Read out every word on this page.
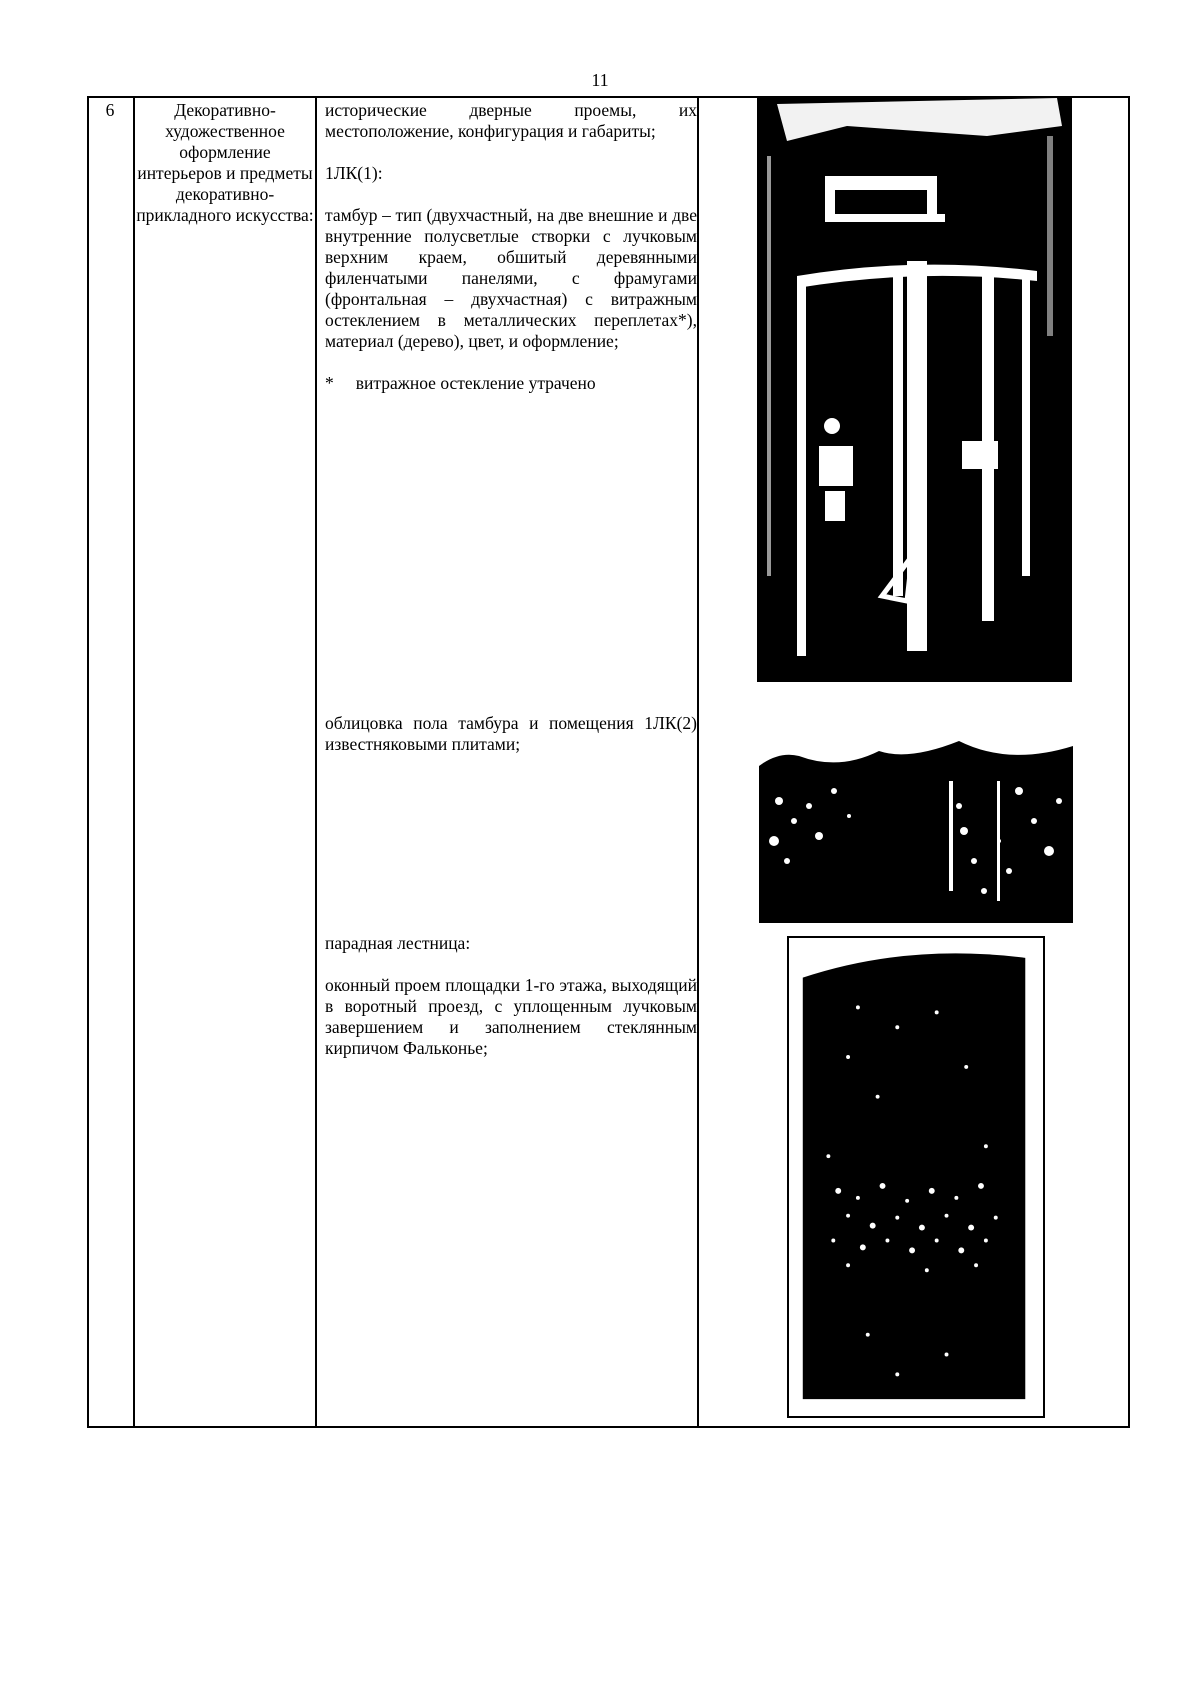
11
6	Декоративно-художественное оформление интерьеров и предметы декоративно-прикладного искусства:

исторические дверные проемы, их местоположение, конфигурация и габариты;

1ЛК(1):

тамбур – тип (двухчастный, на две внешние и две внутренние полусветлые створки с лучковым верхним краем, обшитый деревянными филенчатыми панелями, с фрамугами (фронтальная – двухчастная) с витражным остеклением в металлических переплетах*), материал (дерево), цвет, и оформление;

* витражное остекление утрачено

облицовка пола тамбура и помещения 1ЛК(2) известняковыми плитами;

парадная лестница:

оконный проем площадки 1-го этажа, выходящий в воротный проезд, с уплощенным лучковым завершением и заполнением стеклянным кирпичом Фальконье;
